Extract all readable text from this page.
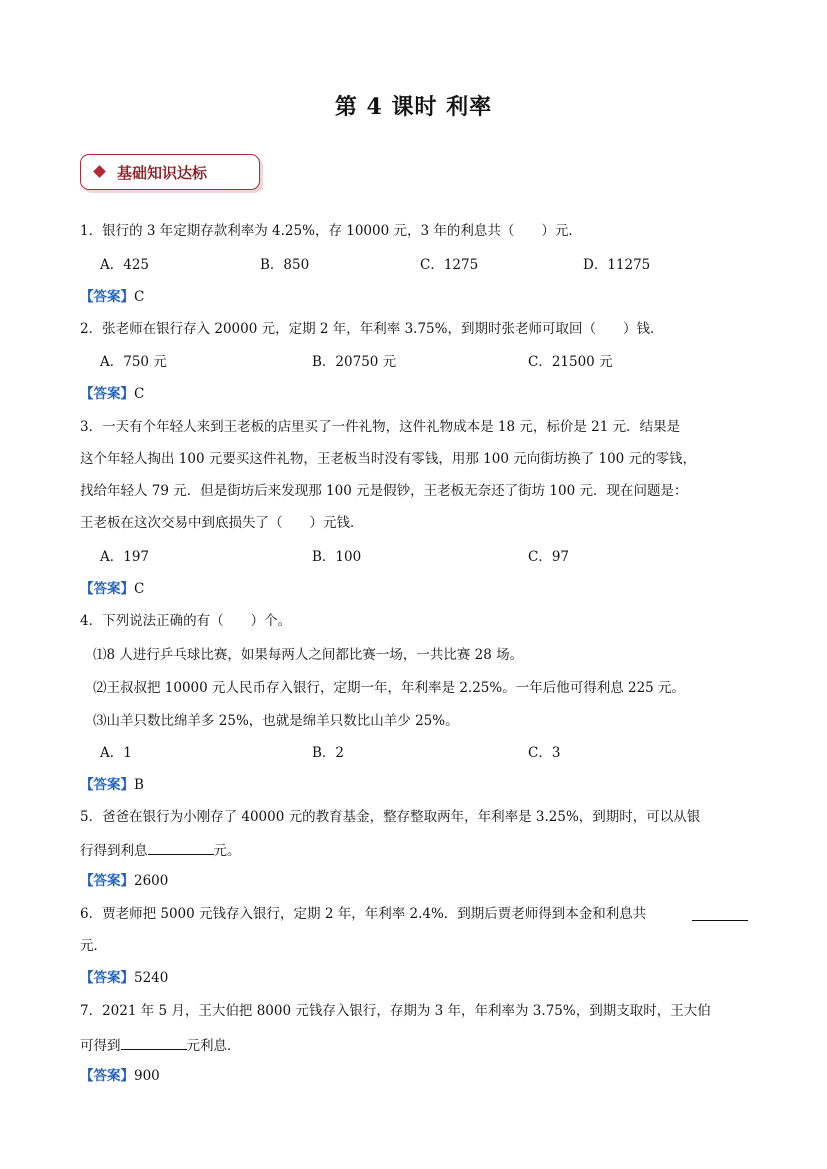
第 4 课时 利率
基础知识达标
1．银行的 3 年定期存款利率为 4.25%，存 10000 元，3 年的利息共（　　）元．
A．425	B．850	C．1275	D．11275
【答案】C
2．张老师在银行存入 20000 元，定期 2 年，年利率 3.75%，到期时张老师可取回（　　）钱．
A．750 元	B．20750 元	C．21500 元
【答案】C
3．一天有个年轻人来到王老板的店里买了一件礼物，这件礼物成本是 18 元，标价是 21 元．结果是
这个年轻人掏出 100 元要买这件礼物，王老板当时没有零钱，用那 100 元向街坊换了 100 元的零钱，
找给年轻人 79 元．但是街坊后来发现那 100 元是假钞，王老板无奈还了街坊 100 元．现在问题是：
王老板在这次交易中到底损失了（　　）元钱．
A．197	B．100	C．97
【答案】C
4．下列说法正确的有（　　）个。
⑴8 人进行乒乓球比赛，如果每两人之间都比赛一场，一共比赛 28 场。
⑵王叔叔把 10000 元人民币存入银行，定期一年，年利率是 2.25%。一年后他可得利息 225 元。
⑶山羊只数比绵羊多 25%，也就是绵羊只数比山羊少 25%。
A．1	B．2	C．3
【答案】B
5．爸爸在银行为小刚存了 40000 元的教育基金，整存整取两年，年利率是 3.25%，到期时，可以从银
行得到利息	元。
【答案】2600
6．贾老师把 5000 元钱存入银行，定期 2 年，年利率 2.4%．到期后贾老师得到本金和利息共
元．
【答案】5240
7．2021 年 5 月，王大伯把 8000 元钱存入银行，存期为 3 年，年利率为 3.75%，到期支取时，王大伯
可得到	元利息．
【答案】900
